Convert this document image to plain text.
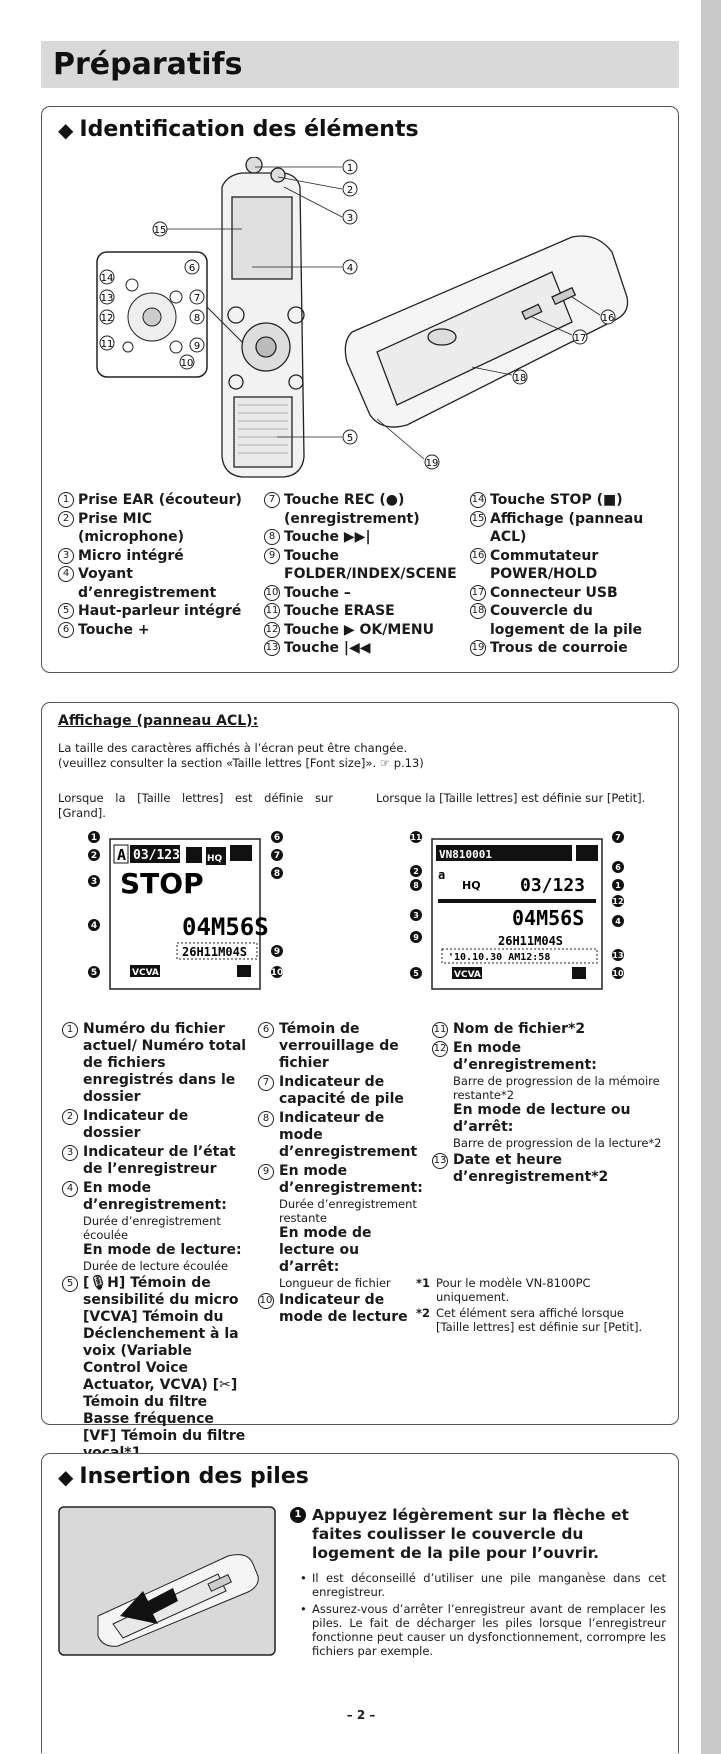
Préparatifs
◆ Identification des éléments
1
2
3
4
5
15
6
7
8
9
10
14
13
12
11
16
17
18
19
1 Prise EAR (écouteur)
2 Prise MIC (microphone)
3 Micro intégré
4 Voyant d’enregistrement
5 Haut-parleur intégré
6 Touche +
7 Touche REC (●) (enregistrement)
8 Touche ▶▶|
9 Touche FOLDER/INDEX/SCENE
10 Touche –
11 Touche ERASE
12 Touche ▶ OK/MENU
13 Touche |◀◀
14 Touche STOP (■)
15 Affichage (panneau ACL)
16 Commutateur POWER/HOLD
17 Connecteur USB
18 Couvercle du logement de la pile
19 Trous de courroie
Affichage (panneau ACL):
La taille des caractères affichés à l’écran peut être changée.
(veuillez consulter la section «Taille lettres [Font size]». ☞ p.13)
Lorsque la [Taille lettres] est définie sur [Grand].
Lorsque la [Taille lettres] est définie sur [Petit].
A 03/123	HQ
STOP
04M56S
26H11M04S
VCVA
1
2
3
4
5
6
7
8
9
10
VN810001
a
HQ 03/123
04M56S
26H11M04S
'10.10.30 AM12:58
VCVA
11
2
8
3
9
5
7
6
1
12
4
13
10
1 Numéro du fichier actuel/ Numéro total de fichiers enregistrés dans le dossier
2 Indicateur de dossier
3 Indicateur de l’état de l’enregistreur
4 En mode d’enregistrement:
Durée d’enregistrement écoulée
En mode de lecture:
Durée de lecture écoulée
5 [🎙H] Témoin de sensibilité du micro [VCVA] Témoin du Déclenchement à la voix (Variable Control Voice Actuator, VCVA) [✂] Témoin du filtre Basse fréquence [VF] Témoin du filtre
6 Témoin de verrouillage de fichier
7 Indicateur de capacité de pile
8 Indicateur de mode d’enregistrement
9 En mode d’enregistrement:
Durée d’enregistrement restante
En mode de lecture ou d’arrêt:
Longueur de fichier
10 Indicateur de mode de lecture
11 Nom de fichier*2
12 En mode d’enregistrement:
Barre de progression de la mémoire restante*2
En mode de lecture ou d’arrêt:
Barre de progression de la lecture*2
13 Date et heure d’enregistrement*2
*1 Pour le modèle VN-8100PC uniquement.
*2 Cet élément sera affiché lorsque [Taille lettres] est définie sur [Petit].
◆ Insertion des piles
1 Appuyez légèrement sur la flèche et faites coulisser le couvercle du logement de la pile pour l’ouvrir.
• Il est déconseillé d’utiliser une pile manganèse dans cet enregistreur.
• Assurez-vous d’arrêter l’enregistreur avant de remplacer les piles. Le fait de décharger les piles lorsque l’enregistreur fonctionne peut causer un dysfonctionnement, corrompre les fichiers par exemple.
– 2 –
